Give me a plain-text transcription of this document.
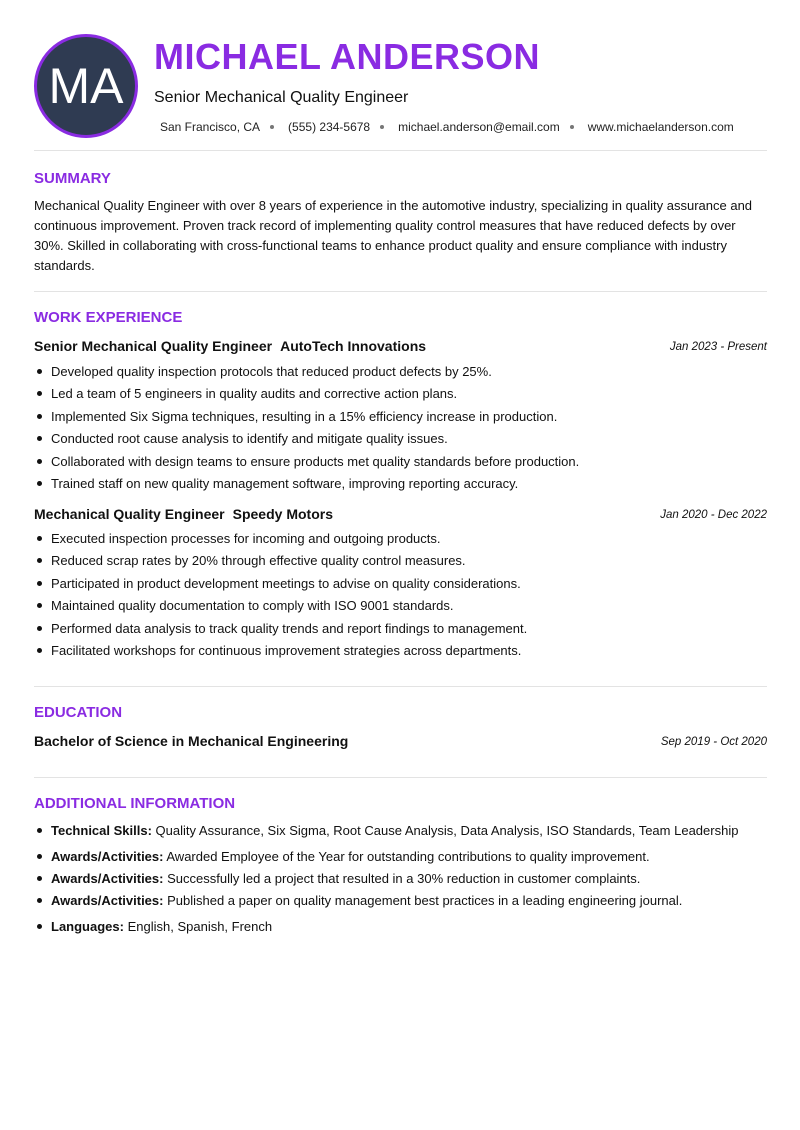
MA
MICHAEL ANDERSON
Senior Mechanical Quality Engineer
San Francisco, CA (555) 234-5678 michael.anderson@email.com www.michaelanderson.com
SUMMARY
Mechanical Quality Engineer with over 8 years of experience in the automotive industry, specializing in quality assurance and continuous improvement. Proven track record of implementing quality control measures that have reduced defects by over 30%. Skilled in collaborating with cross-functional teams to enhance product quality and ensure compliance with industry standards.
WORK EXPERIENCE
Senior Mechanical Quality Engineer AutoTech Innovations	Jan 2023 - Present
Developed quality inspection protocols that reduced product defects by 25%.
Led a team of 5 engineers in quality audits and corrective action plans.
Implemented Six Sigma techniques, resulting in a 15% efficiency increase in production.
Conducted root cause analysis to identify and mitigate quality issues.
Collaborated with design teams to ensure products met quality standards before production.
Trained staff on new quality management software, improving reporting accuracy.
Mechanical Quality Engineer Speedy Motors	Jan 2020 - Dec 2022
Executed inspection processes for incoming and outgoing products.
Reduced scrap rates by 20% through effective quality control measures.
Participated in product development meetings to advise on quality considerations.
Maintained quality documentation to comply with ISO 9001 standards.
Performed data analysis to track quality trends and report findings to management.
Facilitated workshops for continuous improvement strategies across departments.
EDUCATION
Bachelor of Science in Mechanical Engineering	Sep 2019 - Oct 2020
ADDITIONAL INFORMATION
Technical Skills: Quality Assurance, Six Sigma, Root Cause Analysis, Data Analysis, ISO Standards, Team Leadership
Awards/Activities: Awarded Employee of the Year for outstanding contributions to quality improvement.
Awards/Activities: Successfully led a project that resulted in a 30% reduction in customer complaints.
Awards/Activities: Published a paper on quality management best practices in a leading engineering journal.
Languages: English, Spanish, French
